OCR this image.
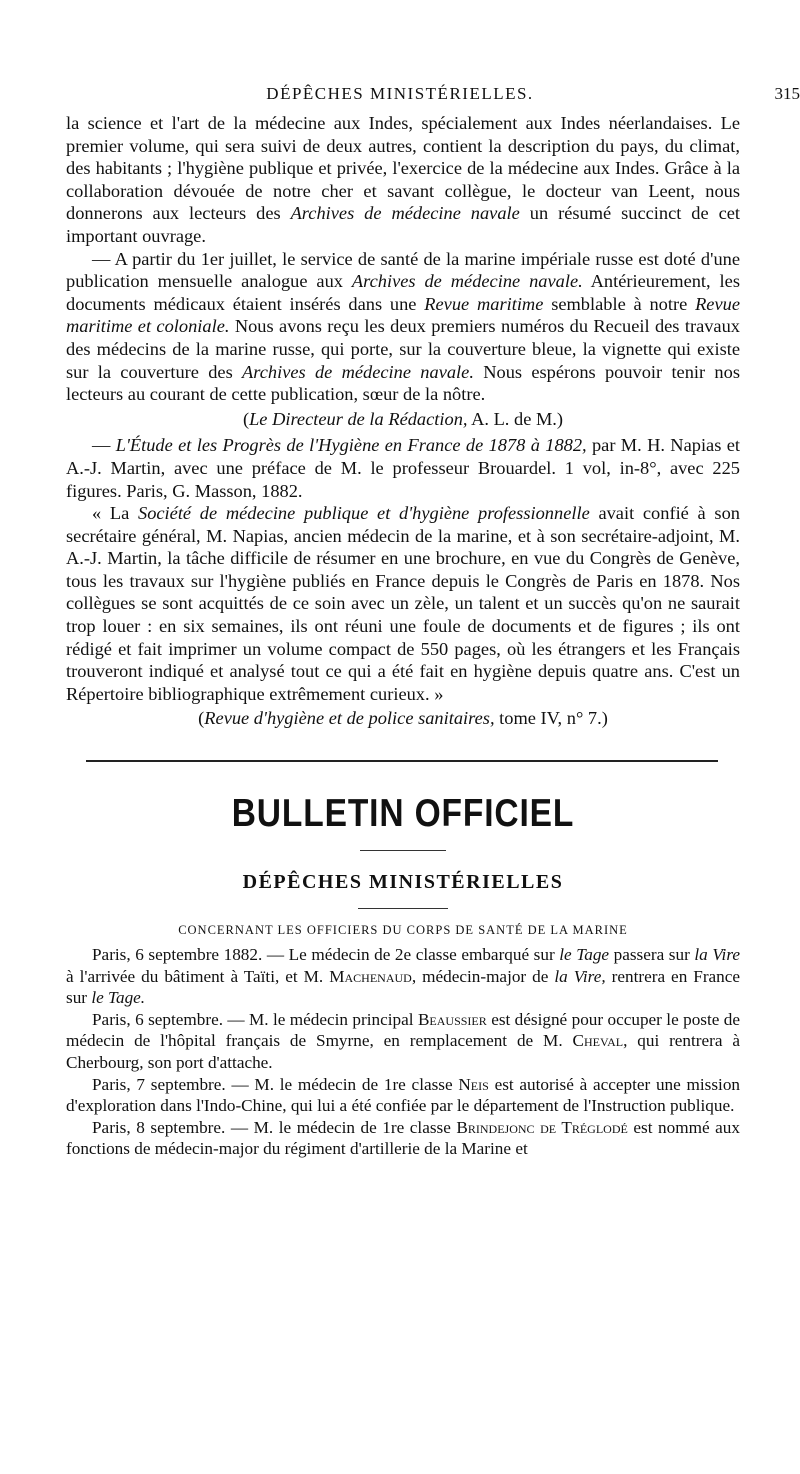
DÉPÊCHES MINISTÉRIELLES.	315

la science et l'art de la médecine aux Indes, spécialement aux Indes néerlandaises. Le premier volume, qui sera suivi de deux autres, contient la description du pays, du climat, des habitants ; l'hygiène publique et privée, l'exercice de la médecine aux Indes. Grâce à la collaboration dévouée de notre cher et savant collègue, le docteur van Leent, nous donnerons aux lecteurs des Archives de médecine navale un résumé succinct de cet important ouvrage.

— A partir du 1er juillet, le service de santé de la marine impériale russe est doté d'une publication mensuelle analogue aux Archives de médecine navale. Antérieurement, les documents médicaux étaient insérés dans une Revue maritime semblable à notre Revue maritime et coloniale. Nous avons reçu les deux premiers numéros du Recueil des travaux des médecins de la marine russe, qui porte, sur la couverture bleue, la vignette qui existe sur la couverture des Archives de médecine navale. Nous espérons pouvoir tenir nos lecteurs au courant de cette publication, sœur de la nôtre.

(Le Directeur de la Rédaction, A. L. de M.)

— L'Étude et les Progrès de l'Hygiène en France de 1878 à 1882, par M. H. Napias et A.-J. Martin, avec une préface de M. le professeur Brouardel. 1 vol, in-8°, avec 225 figures. Paris, G. Masson, 1882.

« La Société de médecine publique et d'hygiène professionnelle avait confié à son secrétaire général, M. Napias, ancien médecin de la marine, et à son secrétaire-adjoint, M. A.-J. Martin, la tâche difficile de résumer en une brochure, en vue du Congrès de Genève, tous les travaux sur l'hygiène publiés en France depuis le Congrès de Paris en 1878. Nos collègues se sont acquittés de ce soin avec un zèle, un talent et un succès qu'on ne saurait trop louer : en six semaines, ils ont réuni une foule de documents et de figures ; ils ont rédigé et fait imprimer un volume compact de 550 pages, où les étrangers et les Français trouveront indiqué et analysé tout ce qui a été fait en hygiène depuis quatre ans. C'est un Répertoire bibliographique extrêmement curieux. »

(Revue d'hygiène et de police sanitaires, tome IV, n° 7.)
BULLETIN OFFICIEL
DÉPÊCHES MINISTÉRIELLES
CONCERNANT LES OFFICIERS DU CORPS DE SANTÉ DE LA MARINE

Paris, 6 septembre 1882. — Le médecin de 2e classe embarqué sur le Tage passera sur la Vire à l'arrivée du bâtiment à Taïti, et M. Machenaud, médecin-major de la Vire, rentrera en France sur le Tage.

Paris, 6 septembre. — M. le médecin principal Beaussier est désigné pour occuper le poste de médecin de l'hôpital français de Smyrne, en remplacement de M. Cheval, qui rentrera à Cherbourg, son port d'attache.

Paris, 7 septembre. — M. le médecin de 1re classe Neis est autorisé à accepter une mission d'exploration dans l'Indo-Chine, qui lui a été confiée par le département de l'Instruction publique.

Paris, 8 septembre. — M. le médecin de 1re classe Brindejonc de Tréglodé est nommé aux fonctions de médecin-major du régiment d'artillerie de la Marine et
